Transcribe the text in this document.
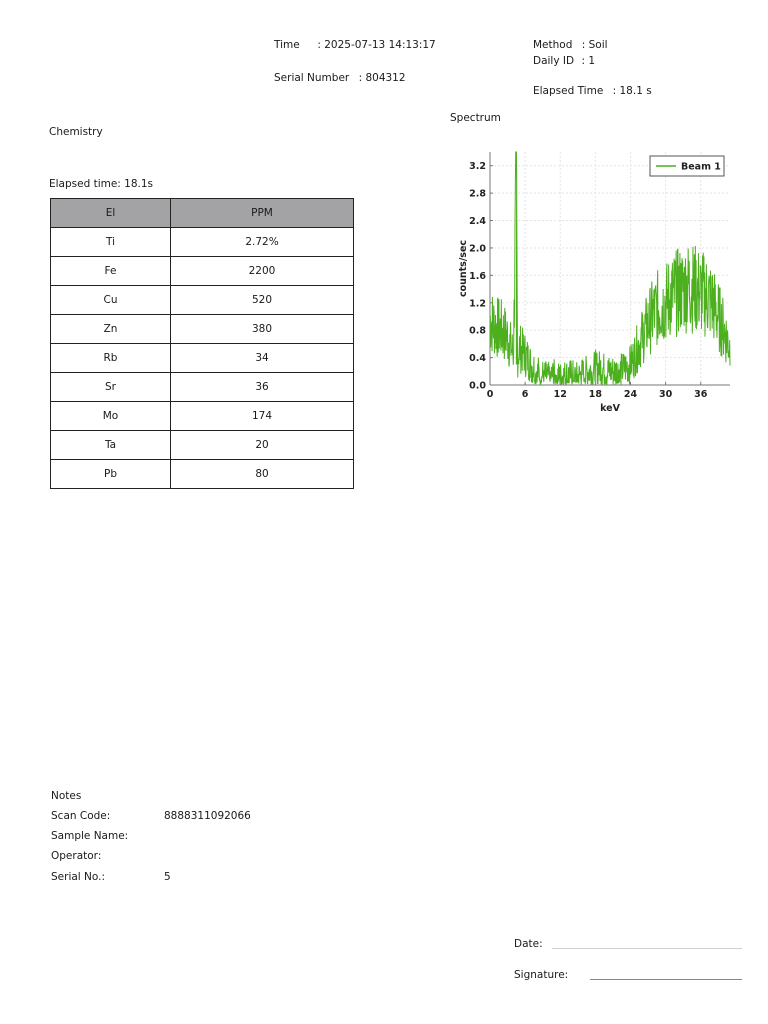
Time : 2025-07-13 14:13:17
Serial Number : 804312
Method : Soil
Daily ID : 1
Elapsed Time : 18.1 s
Chemistry
Elapsed time: 18.1s
El	PPM
Ti	2.72%
Fe	2200
Cu	520
Zn	380
Rb	34
Sr	36
Mo	174
Ta	20
Pb	80
Spectrum
0	6	12 18 24 30 36
0.0
0.4
0.8
1.2
1.6
2.0
2.4
2.8
3.2	Beam 1
keV
counts/sec
Notes
Scan Code:	8888311092066
Sample Name:
Operator:
Serial No.:	5
Date:
Signature:
